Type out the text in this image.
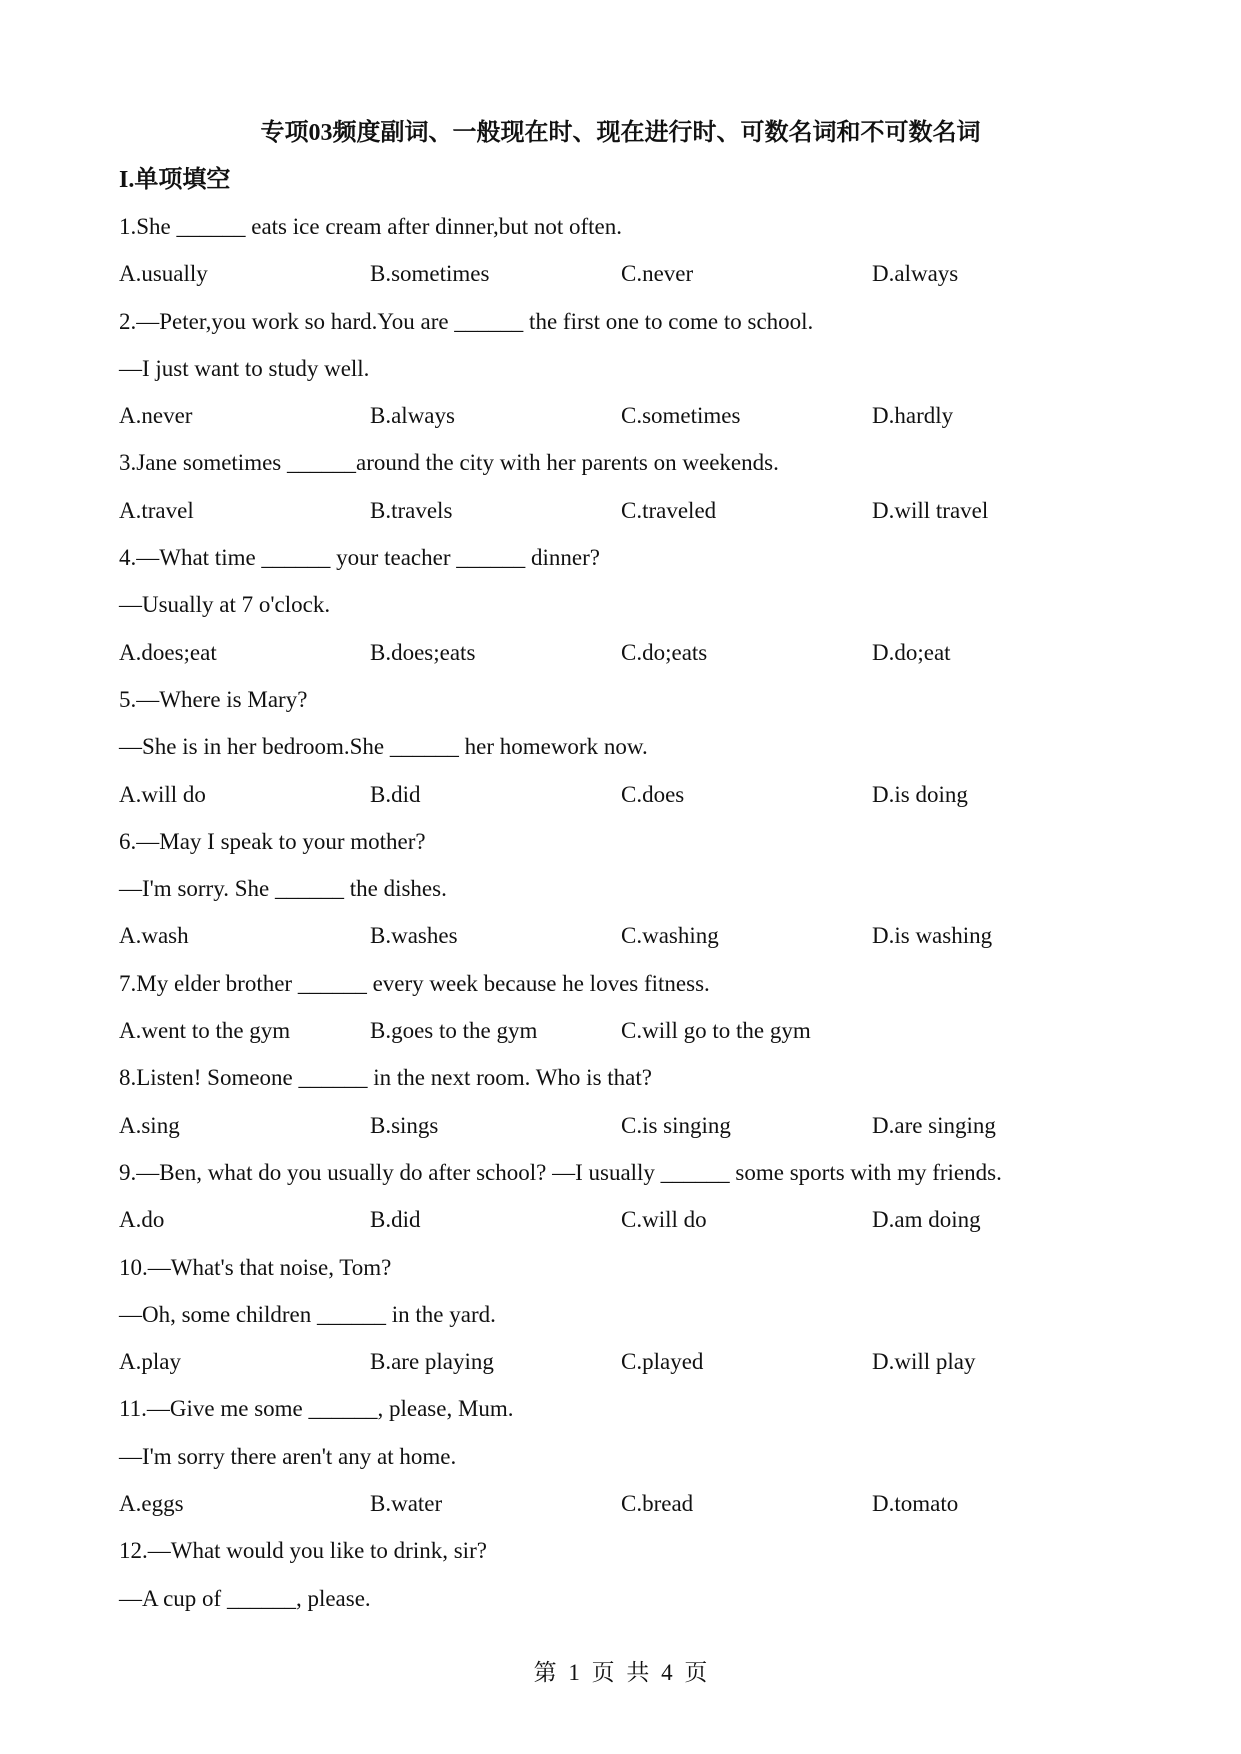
专项03频度副词、一般现在时、现在进行时、可数名词和不可数名词
I.单项填空
1.She ______ eats ice cream after dinner,but not often.
A.usually	B.sometimes	C.never	D.always
2.—Peter,you work so hard.You are ______ the first one to come to school.
—I just want to study well.
A.never	B.always	C.sometimes	D.hardly
3.Jane sometimes ______around the city with her parents on weekends.
A.travel	B.travels	C.traveled	D.will travel
4.—What time ______ your teacher ______ dinner?
—Usually at 7 o'clock.
A.does;eat	B.does;eats	C.do;eats	D.do;eat
5.—Where is Mary?
—She is in her bedroom.She ______ her homework now.
A.will do	B.did	C.does	D.is doing
6.—May I speak to your mother?
—I'm sorry. She ______ the dishes.
A.wash	B.washes	C.washing	D.is washing
7.My elder brother ______ every week because he loves fitness.
A.went to the gym	B.goes to the gym	C.will go to the gym
8.Listen! Someone ______ in the next room. Who is that?
A.sing	B.sings	C.is singing	D.are singing
9.—Ben, what do you usually do after school? —I usually ______ some sports with my friends.
A.do	B.did	C.will do	D.am doing
10.—What's that noise, Tom?
—Oh, some children ______ in the yard.
A.play	B.are playing	C.played	D.will play
11.—Give me some ______, please, Mum.
—I'm sorry there aren't any at home.
A.eggs	B.water	C.bread	D.tomato
12.—What would you like to drink, sir?
—A cup of ______, please.
第 1 页 共 4 页
